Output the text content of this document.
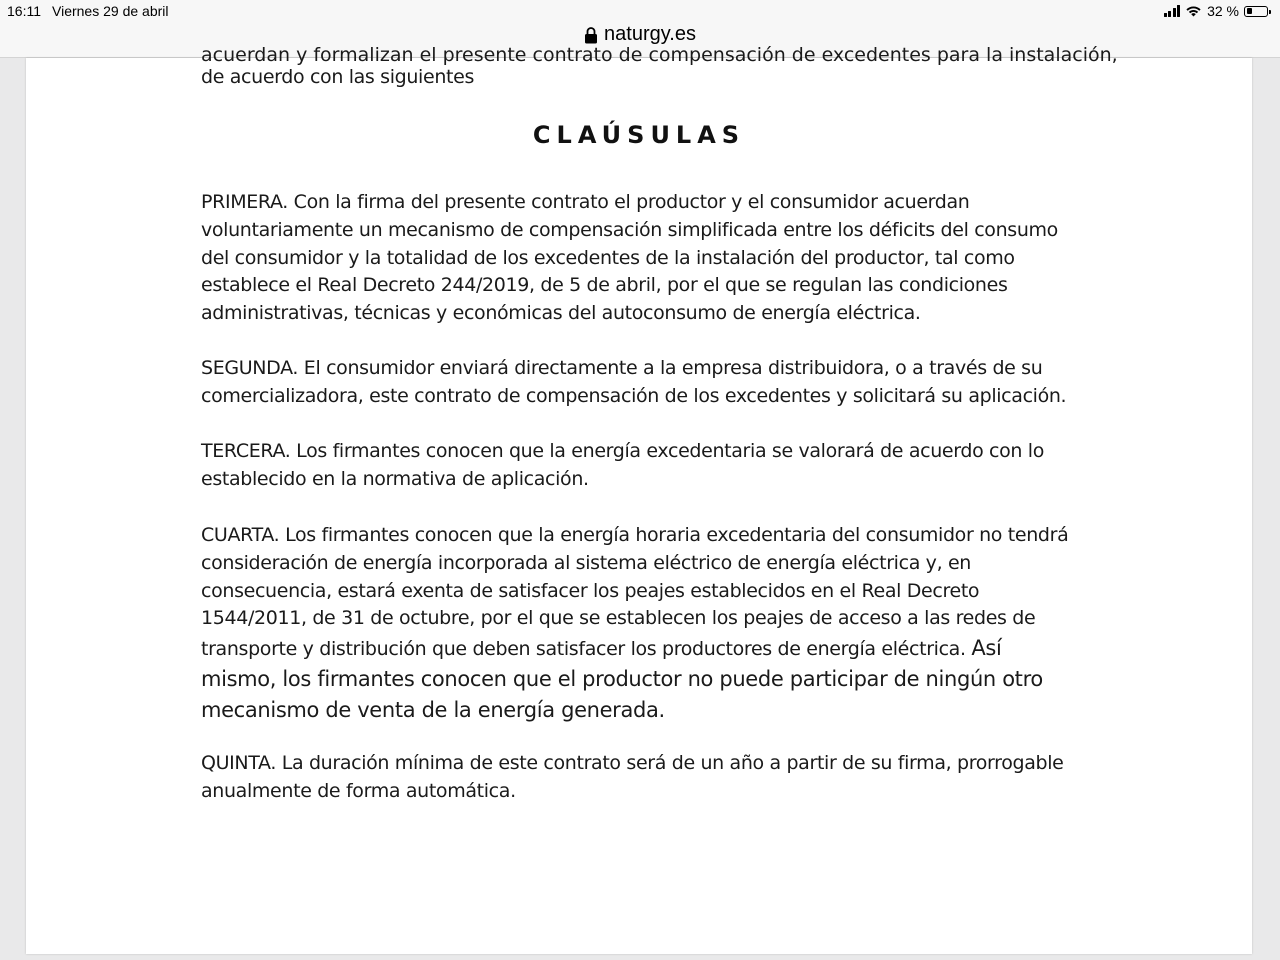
16:11 Viernes 29 de abril	32 %
naturgy.es
acuerdan y formalizan el presente contrato de compensación de excedentes para la instalación,

de acuerdo con las siguientes

CLAÚSULAS

PRIMERA. Con la firma del presente contrato el productor y el consumidor acuerdan
voluntariamente un mecanismo de compensación simplificada entre los déficits del consumo
del consumidor y la totalidad de los excedentes de la instalación del productor, tal como
establece el Real Decreto 244/2019, de 5 de abril, por el que se regulan las condiciones
administrativas, técnicas y económicas del autoconsumo de energía eléctrica.

SEGUNDA. El consumidor enviará directamente a la empresa distribuidora, o a través de su
comercializadora, este contrato de compensación de los excedentes y solicitará su aplicación.

TERCERA. Los firmantes conocen que la energía excedentaria se valorará de acuerdo con lo
establecido en la normativa de aplicación.

CUARTA. Los firmantes conocen que la energía horaria excedentaria del consumidor no tendrá
consideración de energía incorporada al sistema eléctrico de energía eléctrica y, en
consecuencia, estará exenta de satisfacer los peajes establecidos en el Real Decreto
1544/2011, de 31 de octubre, por el que se establecen los peajes de acceso a las redes de
transporte y distribución que deben satisfacer los productores de energía eléctrica. Así
mismo, los firmantes conocen que el productor no puede participar de ningún otro
mecanismo de venta de la energía generada.

QUINTA. La duración mínima de este contrato será de un año a partir de su firma, prorrogable
anualmente de forma automática.
